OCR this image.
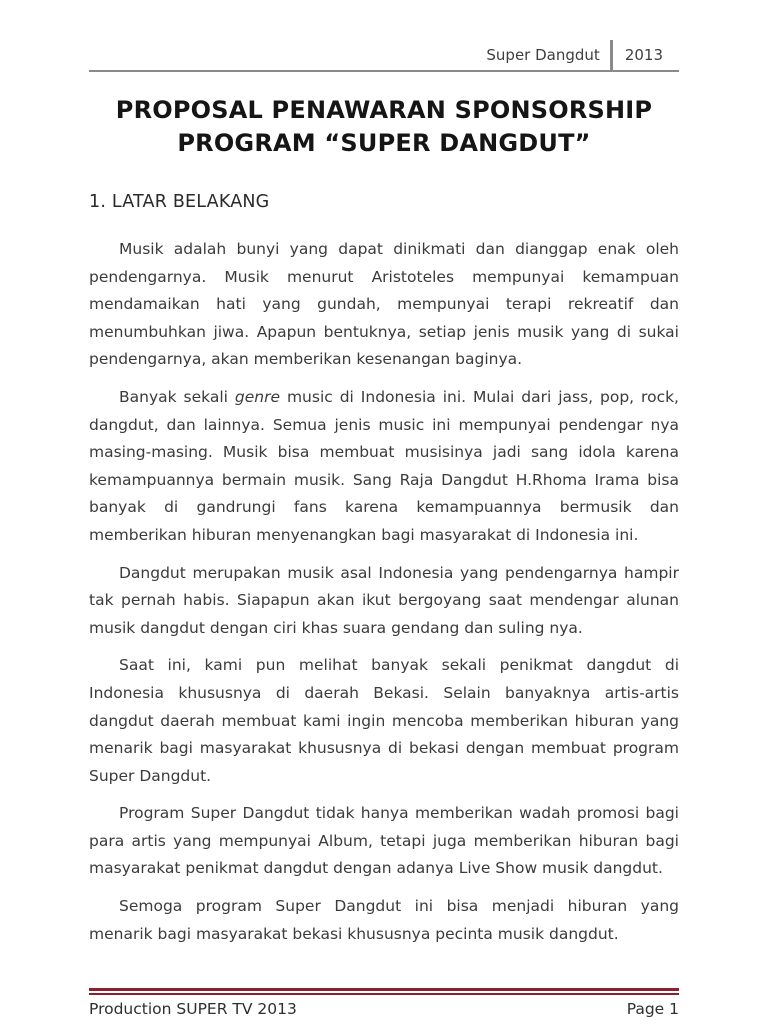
Super Dangdut	2013
PROPOSAL PENAWARAN SPONSORSHIP
PROGRAM “SUPER DANGDUT”
1. LATAR BELAKANG

Musik adalah bunyi yang dapat dinikmati dan dianggap enak oleh pendengarnya. Musik menurut Aristoteles mempunyai kemampuan mendamaikan hati yang gundah, mempunyai terapi rekreatif dan menumbuhkan jiwa. Apapun bentuknya, setiap jenis musik yang di sukai pendengarnya, akan memberikan kesenangan baginya.

Banyak sekali genre music di Indonesia ini. Mulai dari jass, pop, rock, dangdut, dan lainnya. Semua jenis music ini mempunyai pendengar nya masing-masing. Musik bisa membuat musisinya jadi sang idola karena kemampuannya bermain musik. Sang Raja Dangdut H.Rhoma Irama bisa banyak di gandrungi fans karena kemampuannya bermusik dan memberikan hiburan menyenangkan bagi masyarakat di Indonesia ini.

Dangdut merupakan musik asal Indonesia yang pendengarnya hampir tak pernah habis. Siapapun akan ikut bergoyang saat mendengar alunan musik dangdut dengan ciri khas suara gendang dan suling nya.

Saat ini, kami pun melihat banyak sekali penikmat dangdut di Indonesia khususnya di daerah Bekasi. Selain banyaknya artis-artis dangdut daerah membuat kami ingin mencoba memberikan hiburan yang menarik bagi masyarakat khususnya di bekasi dengan membuat program Super Dangdut.

Program Super Dangdut tidak hanya memberikan wadah promosi bagi para artis yang mempunyai Album, tetapi juga memberikan hiburan bagi masyarakat penikmat dangdut dengan adanya Live Show musik dangdut.

Semoga program Super Dangdut ini bisa menjadi hiburan yang menarik bagi masyarakat bekasi khususnya pecinta musik dangdut.

Production SUPER TV 2013	Page 1
